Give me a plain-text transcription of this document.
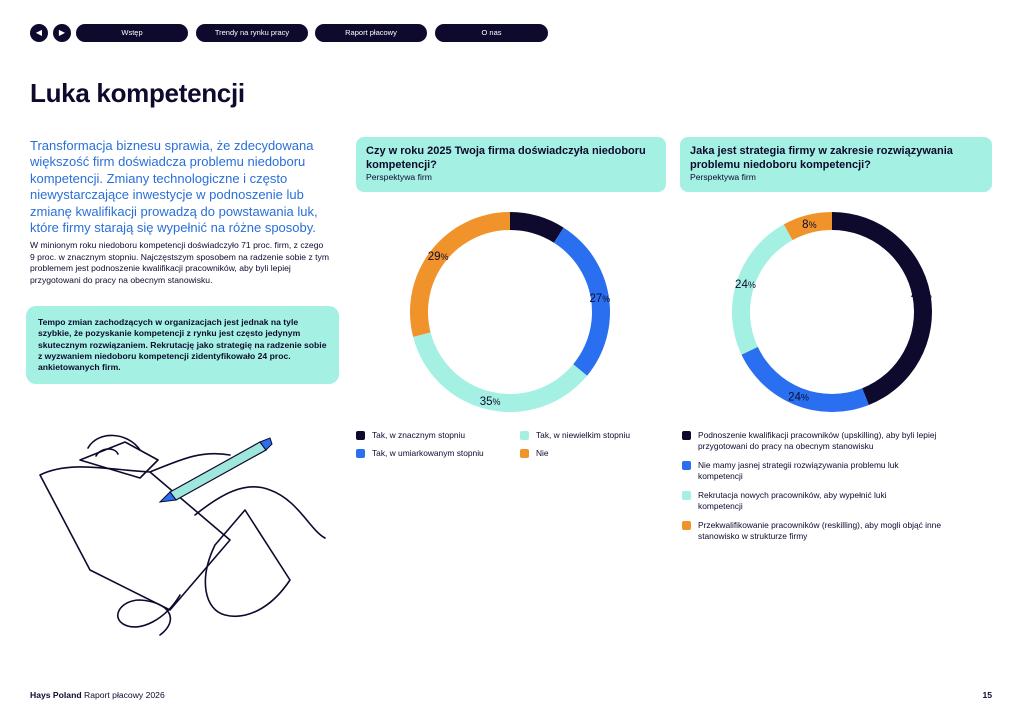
◀	▶	Wstęp	Trendy na rynku pracy	Raport płacowy	O nas
Luka kompetencji

Transformacja biznesu sprawia, że zdecydowana większość firm doświadcza problemu niedoboru kompetencji. Zmiany technologiczne i często niewystarczające inwestycje w podnoszenie lub zmianę kwalifikacji prowadzą do powstawania luk, które firmy starają się wypełnić na różne sposoby.

W minionym roku niedoboru kompetencji doświadczyło 71 proc. firm, z czego 9 proc. w znacznym stopniu. Najczęstszym sposobem na radzenie sobie z tym problemem jest podnoszenie kwalifikacji pracowników, aby byli lepiej przygotowani do pracy na obecnym stanowisku.

Tempo zmian zachodzących w organizacjach jest jednak na tyle szybkie, że pozyskanie kompetencji z rynku jest często jedynym skutecznym rozwiązaniem. Rekrutację jako strategię na radzenie sobie z wyzwaniem niedoboru kompetencji zidentyfikowało 24 proc. ankietowanych firm.
Czy w roku 2025 Twoja firma doświadczyła niedoboru kompetencji?
Perspektywa firm
9%
27%
35%
29%
Tak, w znacznym stopniu	Tak, w niewielkim stopniu
Tak, w umiarkowanym stopniu	Nie
Jaka jest strategia firmy w zakresie rozwiązywania problemu niedoboru kompetencji?
Perspektywa firm
44%
24%
24%
8%
Podnoszenie kwalifikacji pracowników (upskilling), aby byli lepiej przygotowani do pracy na obecnym stanowisku
Nie mamy jasnej strategii rozwiązywania problemu luk kompetencji
Rekrutacja nowych pracowników, aby wypełnić luki kompetencji
Przekwalifikowanie pracowników (reskilling), aby mogli objąć inne stanowisko w strukturze firmy
Hays Poland Raport płacowy 2026	15
